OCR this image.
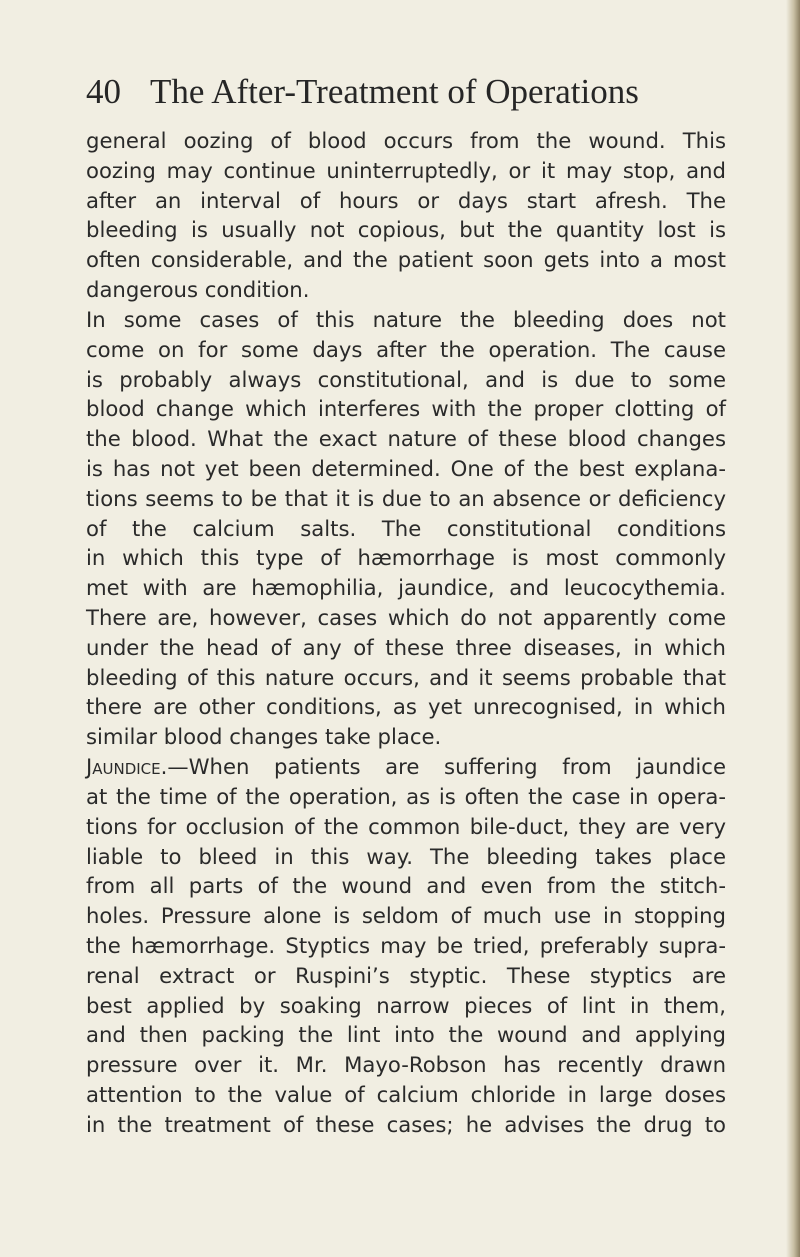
40 The After-Treatment of Operations
general oozing of blood occurs from the wound. This
oozing may continue uninterruptedly, or it may stop, and
after an interval of hours or days start afresh. The
bleeding is usually not copious, but the quantity lost is
often considerable, and the patient soon gets into a most
dangerous condition.
In some cases of this nature the bleeding does not
come on for some days after the operation. The cause
is probably always constitutional, and is due to some
blood change which interferes with the proper clotting of
the blood. What the exact nature of these blood changes
is has not yet been determined. One of the best explana-
tions seems to be that it is due to an absence or deficiency
of the calcium salts. The constitutional conditions
in which this type of hæmorrhage is most commonly
met with are hæmophilia, jaundice, and leucocythemia.
There are, however, cases which do not apparently come
under the head of any of these three diseases, in which
bleeding of this nature occurs, and it seems probable that
there are other conditions, as yet unrecognised, in which
similar blood changes take place.
Jaundice.—When patients are suffering from jaundice
at the time of the operation, as is often the case in opera-
tions for occlusion of the common bile-duct, they are very
liable to bleed in this way. The bleeding takes place
from all parts of the wound and even from the stitch-
holes. Pressure alone is seldom of much use in stopping
the hæmorrhage. Styptics may be tried, preferably supra-
renal extract or Ruspini’s styptic. These styptics are
best applied by soaking narrow pieces of lint in them,
and then packing the lint into the wound and applying
pressure over it. Mr. Mayo-Robson has recently drawn
attention to the value of calcium chloride in large doses
in the treatment of these cases; he advises the drug to
